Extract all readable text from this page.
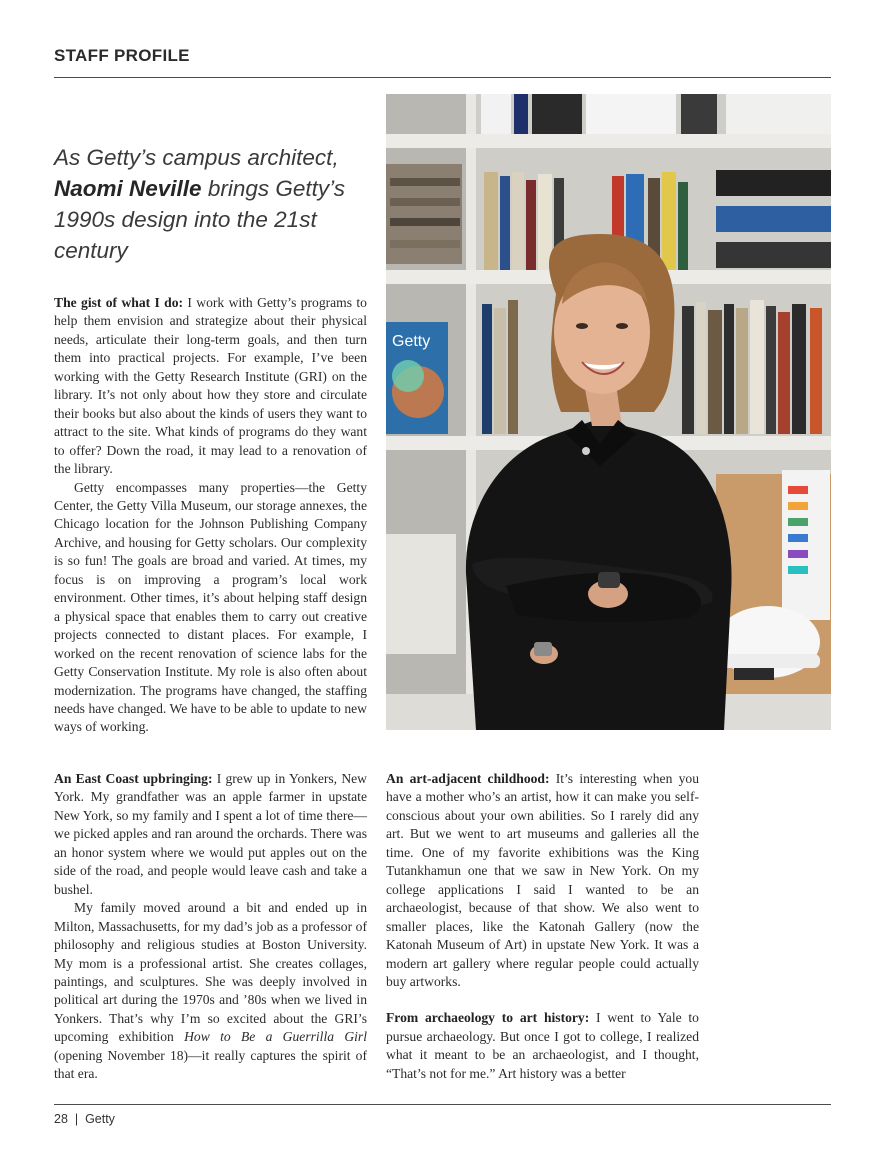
STAFF PROFILE
As Getty’s campus architect, Naomi Neville brings Getty’s 1990s design into the 21st century
Getty

The gist of what I do: I work with Getty’s programs to help them envision and strategize about their physical needs, articulate their long-term goals, and then turn them into practical projects. For example, I’ve been working with the Getty Research Institute (GRI) on the library. It’s not only about how they store and circulate their books but also about the kinds of users they want to attract to the site. What kinds of programs do they want to offer? Down the road, it may lead to a renovation of the library.

Getty encompasses many properties—the Getty Center, the Getty Villa Museum, our storage annexes, the Chicago location for the Johnson Publishing Company Archive, and housing for Getty scholars. Our complexity is so fun! The goals are broad and varied. At times, my focus is on improving a program’s local work environment. Other times, it’s about helping staff design a physical space that enables them to carry out creative projects connected to distant places. For example, I worked on the recent renovation of science labs for the Getty Conservation Institute. My role is also often about modernization. The programs have changed, the staffing needs have changed. We have to be able to update to new ways of working.

An East Coast upbringing: I grew up in Yonkers, New York. My grandfather was an apple farmer in upstate New York, so my family and I spent a lot of time there—we picked apples and ran around the orchards. There was an honor system where we would put apples out on the side of the road, and people would leave cash and take a bushel.

My family moved around a bit and ended up in Milton, Massachusetts, for my dad’s job as a professor of philosophy and religious studies at Boston University. My mom is a professional artist. She creates collages, paintings, and sculptures. She was deeply involved in political art during the 1970s and ’80s when we lived in Yonkers. That’s why I’m so excited about the GRI’s upcoming exhibition How to Be a Guerrilla Girl (opening November 18)—it really captures the spirit of that era.

An art-adjacent childhood: It’s interesting when you have a mother who’s an artist, how it can make you self-conscious about your own abilities. So I rarely did any art. But we went to art museums and galleries all the time. One of my favorite exhibitions was the King Tutankhamun one that we saw in New York. On my college applications I said I wanted to be an archaeologist, because of that show. We also went to smaller places, like the Katonah Gallery (now the Katonah Museum of Art) in upstate New York. It was a modern art gallery where regular people could actually buy artworks.

From archaeology to art history: I went to Yale to pursue archaeology. But once I got to college, I realized what it meant to be an archaeologist, and I thought, “That’s not for me.” Art history was a better

28 | Getty
